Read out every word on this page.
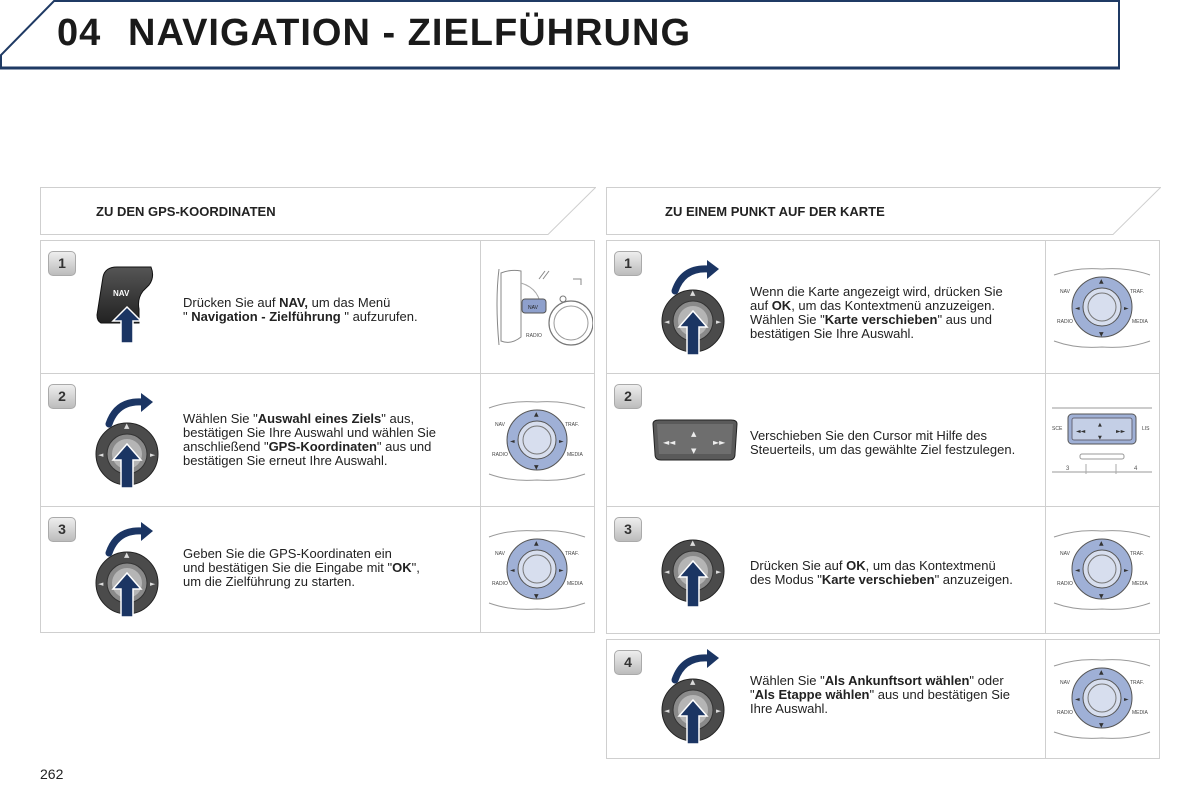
04 NAVIGATION - ZIELFÜHRUNG
ZU DEN GPS-KOORDINATEN	ZU EINEM PUNKT AUF DER KARTE
1
NAV
Drücken Sie auf NAV, um das Menü
" Navigation - Zielführung " aufzurufen.
NAV
RADIO
2
▲
◄	►
Wählen Sie "Auswahl eines Ziels" aus,
bestätigen Sie Ihre Auswahl und wählen Sie
anschließend "GPS-Koordinaten" aus und
bestätigen Sie erneut Ihre Auswahl.
▲
▼
◄	►
NAV	TRAF.
RADIO	MEDIA
3
▲
◄	►
Geben Sie die GPS-Koordinaten ein
und bestätigen Sie die Eingabe mit "OK",
um die Zielführung zu starten.
▲
▼
◄	►
NAV	TRAF.
RADIO	MEDIA
1
▲
◄	►
Wenn die Karte angezeigt wird, drücken Sie
auf OK, um das Kontextmenü anzuzeigen.
Wählen Sie "Karte verschieben" aus und
bestätigen Sie Ihre Auswahl.
▲
▼
◄	►
NAV	TRAF.
RADIO	MEDIA
2
◄◄
▲
►►
▼
Verschieben Sie den Cursor mit Hilfe des
Steuerteils, um das gewählte Ziel festzulegen.
◄◄
▲
▼
►►
SCE	LIS
3	4
3
▲
◄	► Drücken Sie auf OK, um das Kontextmenü
des Modus "Karte verschieben" anzuzeigen.
▲
▼
◄	►
NAV	TRAF.
RADIO	MEDIA
4
▲
◄	►
Wählen Sie "Als Ankunftsort wählen" oder
"Als Etappe wählen" aus und bestätigen Sie
Ihre Auswahl.
▲
▼
◄	►
NAV	TRAF.
RADIO	MEDIA
262
